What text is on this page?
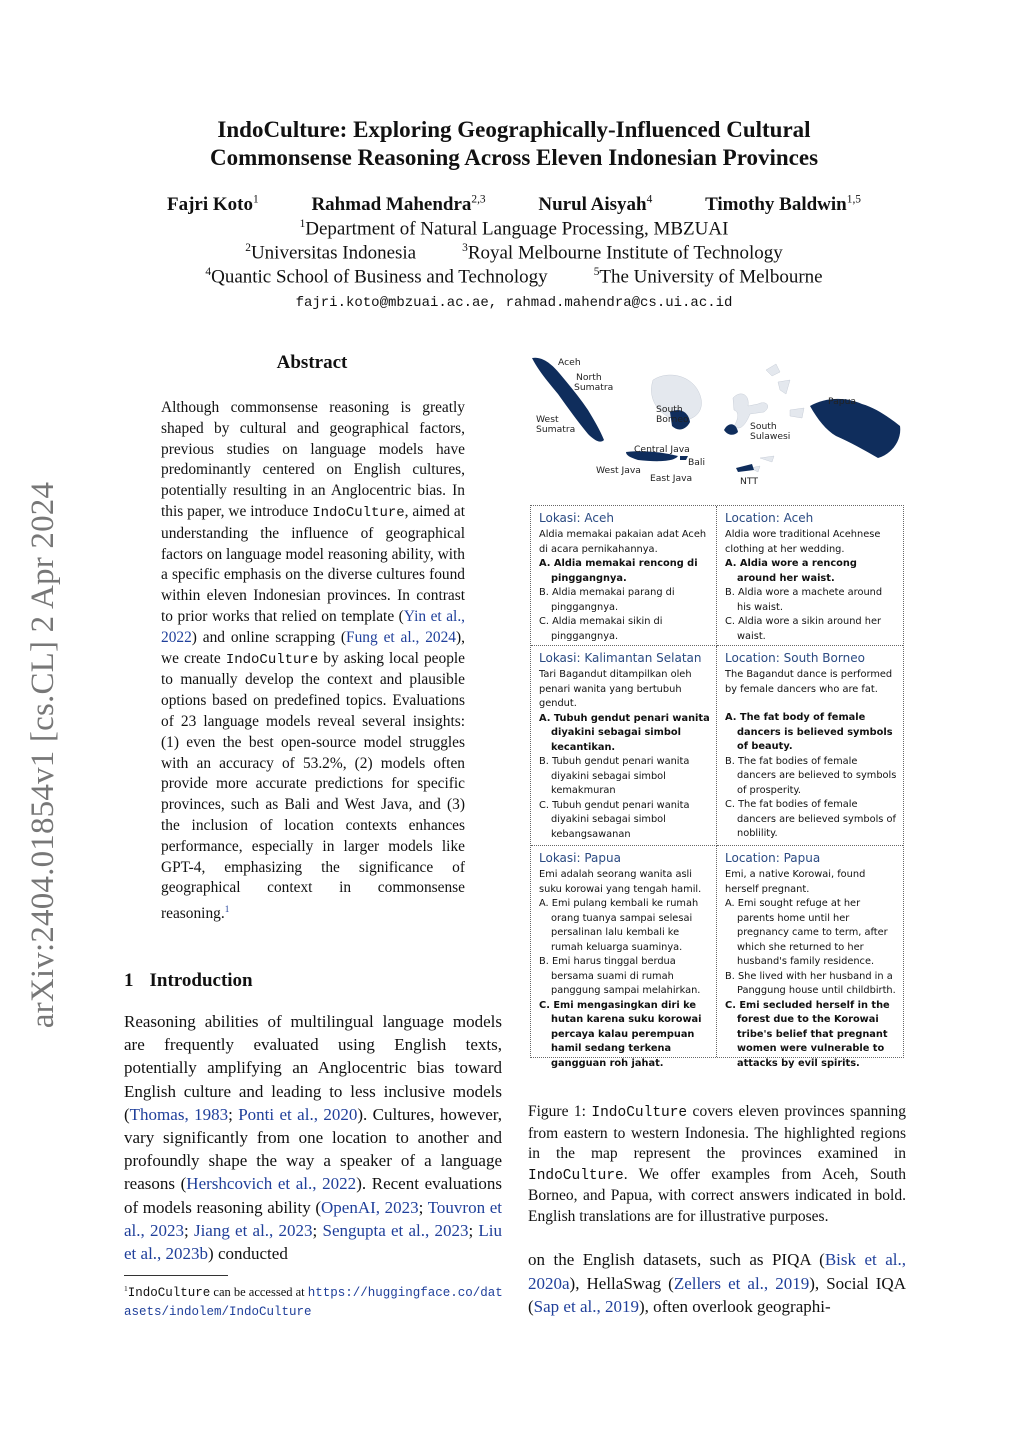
arXiv:2404.01854v1 [cs.CL] 2 Apr 2024
IndoCulture: Exploring Geographically-Influenced Cultural
Commonsense Reasoning Across Eleven Indonesian Provinces
Fajri Koto$^1$	Rahmad Mahendra$^{2,3}$	Nurul Aisyah$^4$	Timothy Baldwin$^{1,5}$
$^1$Department of Natural Language Processing, MBZUAI
$^2$Universitas Indonesia	$^3$Royal Melbourne Institute of Technology
$^4$Quantic School of Business and Technology	$^5$The University of Melbourne
fajri.koto@mbzuai.ac.ae, rahmad.mahendra@cs.ui.ac.id
Abstract
Although commonsense reasoning is greatly shaped by cultural and geographical factors, previous studies on language models have predominantly centered on English cultures, potentially resulting in an Anglocentric bias. In this paper, we introduce IndoCulture, aimed at understanding the influence of geographical factors on language model reasoning ability, with a specific emphasis on the diverse cultures found within eleven Indonesian provinces. In contrast to prior works that relied on template (Yin et al., 2022) and online scrapping (Fung et al., 2024), we create IndoCulture by asking local people to manually develop the context and plausible options based on predefined topics. Evaluations of 23 language models reveal several insights: (1) even the best open-source model struggles with an accuracy of 53.2%, (2) models often provide more accurate predictions for specific provinces, such as Bali and West Java, and (3) the inclusion of location contexts enhances performance, especially in larger models like GPT-4, emphasizing the significance of geographical context in commonsense reasoning.$^1$
1 Introduction
Reasoning abilities of multilingual language models are frequently evaluated using English texts, potentially amplifying an Anglocentric bias toward English culture and leading to less inclusive models (Thomas, 1983; Ponti et al., 2020). Cultures, however, vary significantly from one location to another and profoundly shape the way a speaker of a language reasons (Hershcovich et al., 2022). Recent evaluations of models reasoning ability (OpenAI, 2023; Touvron et al., 2023; Jiang et al., 2023; Sengupta et al., 2023; Liu et al., 2023b) conducted
$^1$IndoCulture can be accessed at https://huggingface.co/datasets/indolem/IndoCulture
Aceh
North
Sumatra
West
Sumatra
South
Borneo
Central Java
Bali
West Java
East Java
Papua
South
Sulawesi
NTT
Lokasi: Aceh
Aldia memakai pakaian adat Aceh di acara pernikahannya.
A. Aldia memakai rencong di pinggangnya.
B. Aldia memakai parang di pinggangnya.
C. Aldia memakai sikin di pinggangnya.
Location: Aceh
Aldia wore traditional Acehnese clothing at her wedding.
A. Aldia wore a rencong around her waist.
B. Aldia wore a machete around his waist.
C. Aldia wore a sikin around her waist.
Lokasi: Kalimantan Selatan
Tari Bagandut ditampilkan oleh penari wanita yang bertubuh gendut.
A. Tubuh gendut penari wanita diyakini sebagai simbol kecantikan.
B. Tubuh gendut penari wanita diyakini sebagai simbol kemakmuran
C. Tubuh gendut penari wanita diyakini sebagai simbol kebangsawanan
Location: South Borneo
The Bagandut dance is performed by female dancers who are fat.
A. The fat body of female dancers is believed symbols of beauty.
B. The fat bodies of female dancers are believed to symbols of prosperity.
C. The fat bodies of female dancers are believed symbols of noblility.
Lokasi: Papua
Emi adalah seorang wanita asli suku korowai yang tengah hamil.
A. Emi pulang kembali ke rumah orang tuanya sampai selesai persalinan lalu kembali ke rumah keluarga suaminya.
B. Emi harus tinggal berdua bersama suami di rumah panggung sampai melahirkan.
C. Emi mengasingkan diri ke hutan karena suku korowai percaya kalau perempuan hamil sedang terkena gangguan roh jahat.
Location: Papua
Emi, a native Korowai, found herself pregnant.
A. Emi sought refuge at her parents home until her pregnancy came to term, after which she returned to her husband's family residence.
B. She lived with her husband in a Panggung house until childbirth.
C. Emi secluded herself in the forest due to the Korowai tribe's belief that pregnant women were vulnerable to attacks by evil spirits.
Figure 1: IndoCulture covers eleven provinces spanning from eastern to western Indonesia. The highlighted regions in the map represent the provinces examined in IndoCulture. We offer examples from Aceh, South Borneo, and Papua, with correct answers indicated in bold. English translations are for illustrative purposes.
on the English datasets, such as PIQA (Bisk et al., 2020a), HellaSwag (Zellers et al., 2019), Social IQA (Sap et al., 2019), often overlook geographi-
